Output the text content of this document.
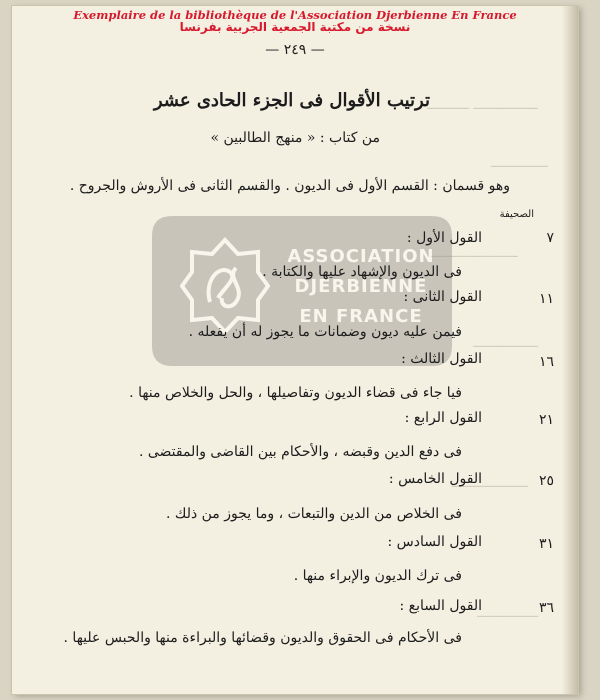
ـــــــــــــــــ ـــــــــــ
ـــــــــــــــ
ـــــــــــــــــــــــ
ـــــــــــــــــ
ــــــــــــــــــــ
ــــــــــــــــ
Exemplaire de la bibliothèque de l'Association Djerbienne En France
نسخة من مكتبة الجمعية الجربية بفرنسا
— ٢٤٩ —
ASSOCIATION
DJERBIENNE
EN FRANCE
ترتيب الأقوال فى الجزء الحادى عشر
من كتاب : « منهج الطالبين »
وهو قسمان : القسم الأول فى الديون . والقسم الثانى فى الأروش والجروح .
الصحيفة
٧
القول الأول :
فى الديون والإشهاد عليها والكتابة .
١١
القول الثانى :
فيمن عليه ديون وضمانات ما يجوز له أن يفعله .
١٦
القول الثالث :
فيا جاء فى قضاء الديون وتفاصيلها ، والحل والخلاص منها .
٢١
القول الرابع :
فى دفع الدين وقبضه ، والأحكام بين القاضى والمقتضى .
٢٥
القول الخامس :
فى الخلاص من الدين والتبعات ، وما يجوز من ذلك .
٣١
القول السادس :
فى ترك الديون والإبراء منها .
٣٦
القول السابع :
فى الأحكام فى الحقوق والديون وقضائها والبراءة منها والحبس عليها .
